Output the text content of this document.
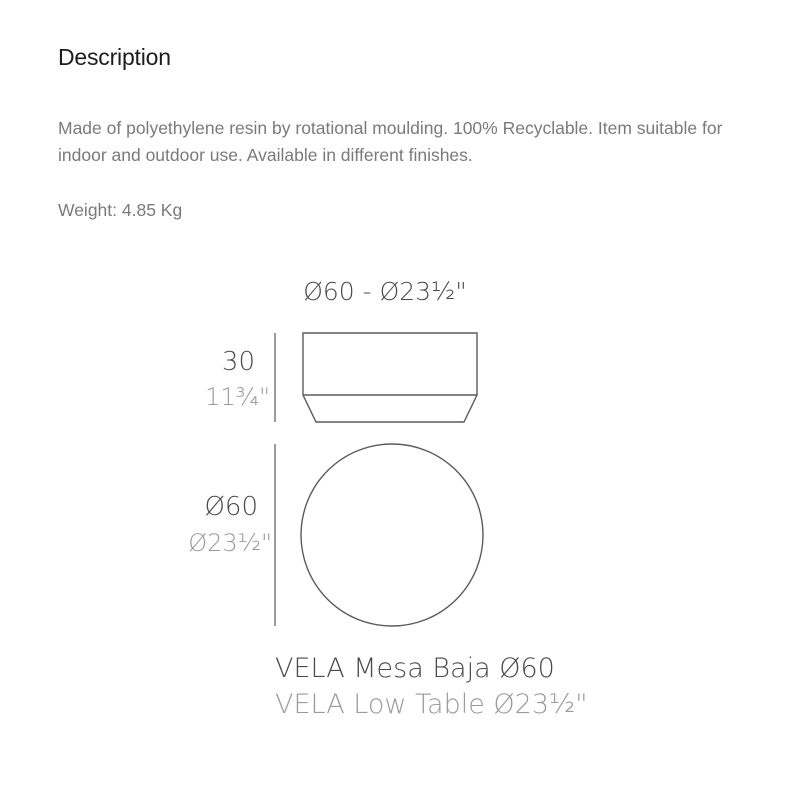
Description
Made of polyethylene resin by rotational moulding. 100% Recyclable. Item suitable for indoor and outdoor use. Available in different finishes.
Weight: 4.85 Kg
Ø60 - Ø23½"
30
11¾"
Ø60
Ø23½"
VELA Mesa Baja Ø60
VELA Low Table Ø23½"
